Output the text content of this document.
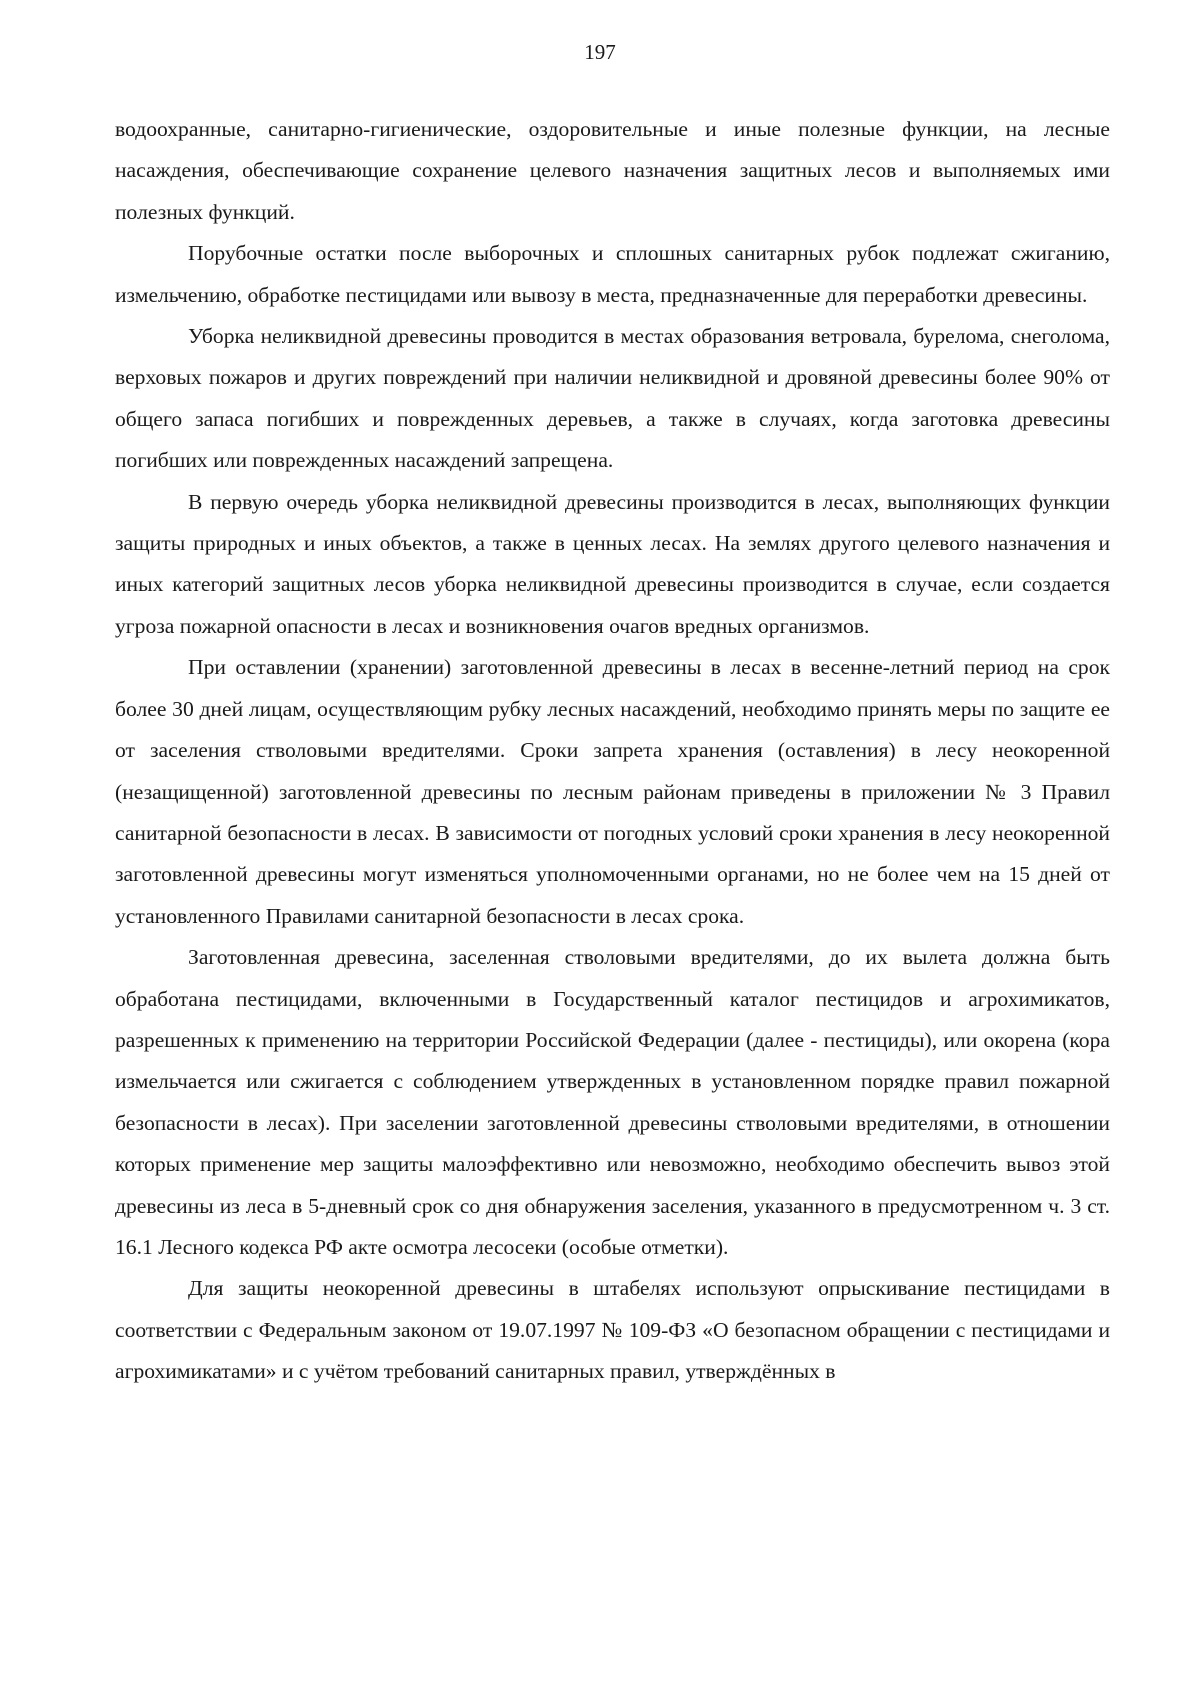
197

водоохранные, санитарно-гигиенические, оздоровительные и иные полезные функции, на лесные насаждения, обеспечивающие сохранение целевого назначения защитных лесов и выполняемых ими полезных функций.

Порубочные остатки после выборочных и сплошных санитарных рубок подлежат сжиганию, измельчению, обработке пестицидами или вывозу в места, предназначенные для переработки древесины.

Уборка неликвидной древесины проводится в местах образования ветровала, бурелома, снеголома, верховых пожаров и других повреждений при наличии неликвидной и дровяной древесины более 90% от общего запаса погибших и поврежденных деревьев, а также в случаях, когда заготовка древесины погибших или поврежденных насаждений запрещена.

В первую очередь уборка неликвидной древесины производится в лесах, выполняющих функции защиты природных и иных объектов, а также в ценных лесах. На землях другого целевого назначения и иных категорий защитных лесов уборка неликвидной древесины производится в случае, если создается угроза пожарной опасности в лесах и возникновения очагов вредных организмов.

При оставлении (хранении) заготовленной древесины в лесах в весенне-летний период на срок более 30 дней лицам, осуществляющим рубку лесных насаждений, необходимо принять меры по защите ее от заселения стволовыми вредителями. Сроки запрета хранения (оставления) в лесу неокоренной (незащищенной) заготовленной древесины по лесным районам приведены в приложении № 3 Правил санитарной безопасности в лесах. В зависимости от погодных условий сроки хранения в лесу неокоренной заготовленной древесины могут изменяться уполномоченными органами, но не более чем на 15 дней от установленного Правилами санитарной безопасности в лесах срока.

Заготовленная древесина, заселенная стволовыми вредителями, до их вылета должна быть обработана пестицидами, включенными в Государственный каталог пестицидов и агрохимикатов, разрешенных к применению на территории Российской Федерации (далее - пестициды), или окорена (кора измельчается или сжигается с соблюдением утвержденных в установленном порядке правил пожарной безопасности в лесах). При заселении заготовленной древесины стволовыми вредителями, в отношении которых применение мер защиты малоэффективно или невозможно, необходимо обеспечить вывоз этой древесины из леса в 5-дневный срок со дня обнаружения заселения, указанного в предусмотренном ч. 3 ст. 16.1 Лесного кодекса РФ акте осмотра лесосеки (особые отметки).

Для защиты неокоренной древесины в штабелях используют опрыскивание пестицидами в соответствии с Федеральным законом от 19.07.1997 № 109-ФЗ «О безопасном обращении с пестицидами и агрохимикатами» и с учётом требований санитарных правил, утверждённых в
